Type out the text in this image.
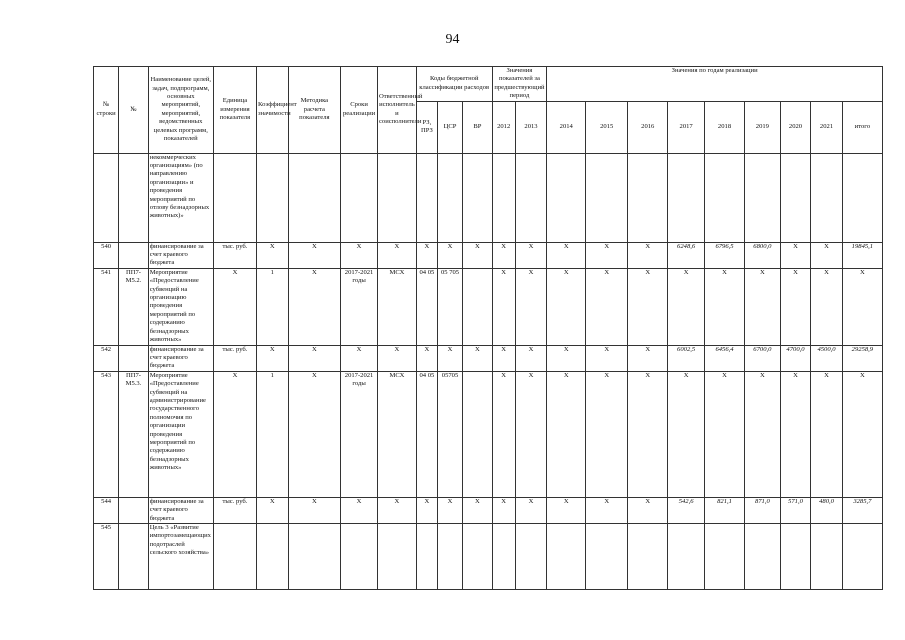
94
№ строки	№	Наименование целей, задач, подпрограмм, основных мероприятий, мероприятий, ведомственных целевых программ, показателей	Единица измерения показателя	Коэффициент значимости	Методика расчета показателя	Сроки реализации	Ответственный исполнитель и соисполнители	Коды бюджетной классификации расходов			Значения показателей за предшествующий период		Значения по годам реализации								
								РЗ, ПРЗ	ЦСР	ВР	2012	2013	2014	2015	2016	2017	2018	2019	2020	2021	итого
		некоммерческих организациям» (по направлению организации» и проведения мероприятий по отлову безнадзорных животных)»																			
540		финансирование за счет краевого бюджета	тыс. руб.	X	X	X	X	X	X	X	X	X	X	X	X	6248,6	6796,5	6800,0	X	X	19845,1
541	ПП7-М5.2.	Мероприятие «Предоставление субвенций на организацию проведения мероприятий по содержанию безнадзорных животных»	X	1	X	2017-2021 годы	МСХ	04 05	05 705		X	X	X	X	X	X	X	X	X	X	X
542		финансирование за счет краевого бюджета	тыс. руб.	X	X	X	X	X	X	X	X	X	X	X	X	6002,5	6456,4	6700,0	4700,0	4500,0	29258,9
543	ПП7-М5.3.	Мероприятие «Предоставление субвенций на администрирование государственного полномочия по организации проведения мероприятий по содержанию безнадзорных животных»	X	1	X	2017-2021 годы	МСХ	04 05	05705		X	X	X	X	X	X	X	X	X	X	X
544		финансирование за счет краевого бюджета	тыс. руб.	X	X	X	X	X	X	X	X	X	X	X	X	542,6	821,1	871,0	571,0	480,0	3285,7
545		Цель 3 «Развитие импортозамещающих подотраслей сельского хозяйства»																			
